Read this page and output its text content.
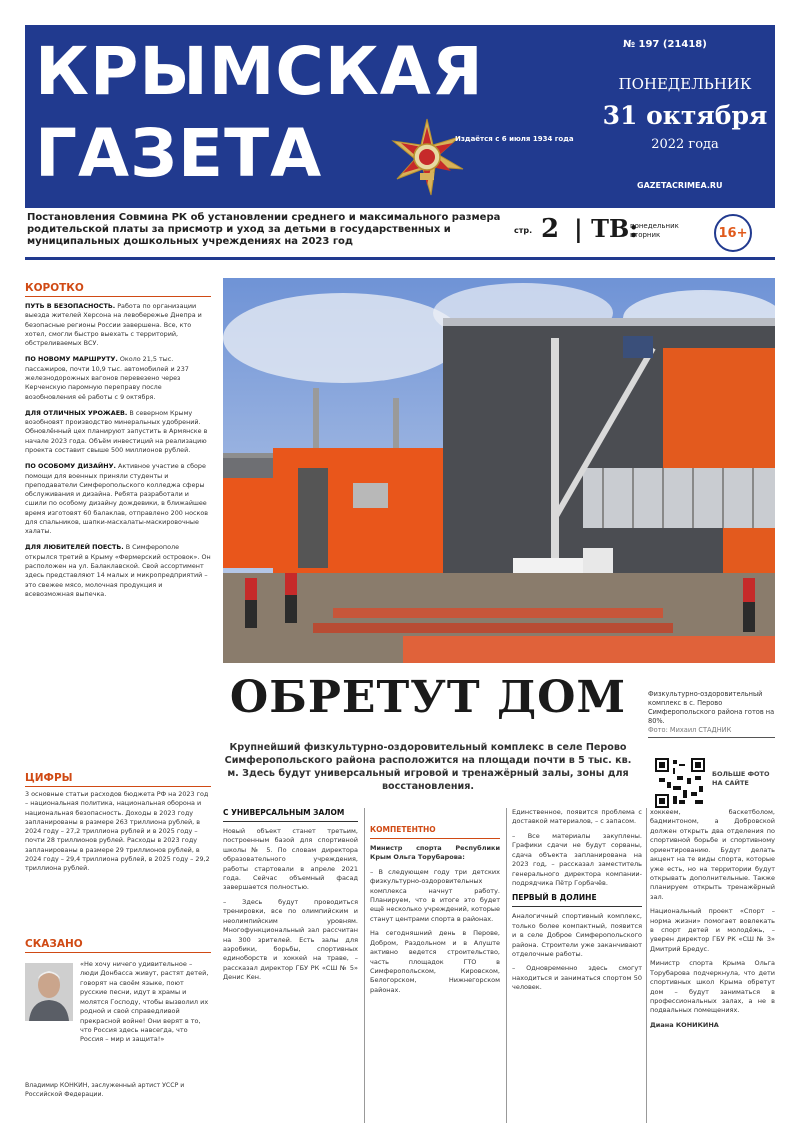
КРЫМСКАЯ
ГАЗЕТА
№ 197 (21418)
Издаётся с 6 июля 1934 года
ПОНЕДЕЛЬНИК
31 октября
2022 года
GAZETACRIMEA.RU
Постановления Совмина РК об установлении среднего и максимального размера родительской платы за присмотр и уход за детьми в государственных и муниципальных дошкольных учреждениях на 2023 год
стр. 2 | ТВ:
понедельник вторник	16+
КОРОТКО

ПУТЬ В БЕЗОПАСНОСТЬ. Работа по организации выезда жителей Херсона на левобережье Днепра и безопасные регионы России завершена. Все, кто хотел, смогли быстро выехать с территорий, обстреливаемых ВСУ.

ПО НОВОМУ МАРШРУТУ. Около 21,5 тыс. пассажиров, почти 10,9 тыс. автомобилей и 237 железнодорожных вагонов перевезено через Керченскую паромную переправу после возобновления её работы с 9 октября.

ДЛЯ ОТЛИЧНЫХ УРОЖАЕВ. В северном Крыму возобновят производство минеральных удобрений. Обновлённый цех планируют запустить в Армянске в начале 2023 года. Объём инвестиций на реализацию проекта составит свыше 500 миллионов рублей.

ПО ОСОБОМУ ДИЗАЙНУ. Активное участие в сборе помощи для военных приняли студенты и преподаватели Симферопольского колледжа сферы обслуживания и дизайна. Ребята разработали и сшили по особому дизайну дождевики, в ближайшее время изготовят 60 балаклав, отправлено 200 носков для спальников, шапки-масхалаты-маскировочные халаты.

ДЛЯ ЛЮБИТЕЛЕЙ ПОЕСТЬ. В Симферополе открылся третий в Крыму «Фермерский островок». Он расположен на ул. Балаклавской. Свой ассортимент здесь представляют 14 малых и микропредприятий – это свежее мясо, молочная продукция и всевозможная выпечка.

ЦИФРЫ
3 основные статьи расходов бюджета РФ на 2023 год – национальная политика, национальная оборона и национальная безопасность. Доходы в 2023 году запланированы в размере 263 триллиона рублей, в 2024 году – 27,2 триллиона рублей и в 2025 году – почти 28 триллионов рублей. Расходы в 2023 году запланированы в размере 29 триллионов рублей, в 2024 году – 29,4 триллиона рублей, в 2025 году – 29,2 триллиона рублей.
СКАЗАНО
«Не хочу ничего удивительное – люди Донбасса живут, растят детей, говорят на своём языке, поют русские песни, идут в храмы и молятся Господу, чтобы вызволил их родной и свой справедливой прекрасной войне! Они верят в то, что Россия здесь навсегда, что Россия – мир и защита!»
Владимир КОНКИН, заслуженный артист УССР и Российской Федерации.
ОБРЕТУТ ДОМ	Физкультурно-оздоровительный комплекс в с. Перово Симферопольского района готов на 80%.
Фото: Михаил СТАДНИК
Крупнейший физкультурно-оздоровительный комплекс в селе Перово Симферопольского района расположится на площади почти в 5 тыс. кв. м. Здесь будут универсальный игровой и тренажёрный залы, зоны для восстановления.
БОЛЬШЕ ФОТО НА САЙТЕ
С УНИВЕРСАЛЬНЫМ ЗАЛОМ

Новый объект станет третьим, построенным базой для спортивной школы № 5. По словам директора образовательного учреждения, работы стартовали в апреле 2021 года. Сейчас объемный фасад завершается полностью.

– Здесь будут проводиться тренировки, все по олимпийским и неолимпийским уровням. Многофункциональный зал рассчитан на 300 зрителей. Есть залы для аэробики, борьбы, спортивных единоборств и хоккей на траве, – рассказал директор ГБУ РК «СШ № 5» Денис Кен.

КОМПЕТЕНТНО

Министр спорта Республики Крым Ольга Торубарова:

– В следующем году три детских физкультурно-оздоровительных комплекса начнут работу. Планируем, что в итоге это будет ещё несколько учреждений, которые станут центрами спорта в районах.

На сегодняшний день в Перове, Добром, Раздольном и в Алуште активно ведется строительство, часть площадок ГТО в Симферопольском, Кировском, Белогорском, Нижнегорском районах.

Единственное, появится проблема с доставкой материалов, – с запасом.

– Все материалы закуплены. Графики сдачи не будут сорваны, сдача объекта запланирована на 2023 год, – рассказал заместитель генерального директора компании-подрядчика Пётр Горбачёв.

ПЕРВЫЙ В ДОЛИНЕ

Аналогичный спортивный комплекс, только более компактный, появится и в селе Доброе Симферопольского района. Строители уже заканчивают отделочные работы.

– Одновременно здесь смогут находиться и заниматься спортом 50 человек.

хоккеем, баскетболом, бадминтоном, а Добровской должен открыть два отделения по спортивной борьбе и спортивному ориентированию. Будут делать акцент на те виды спорта, которые уже есть, но на территории будут открывать дополнительные. Также планируем открыть тренажёрный зал.

Национальный проект «Спорт – норма жизни» помогает вовлекать в спорт детей и молодёжь, – уверен директор ГБУ РК «СШ № 3» Дмитрий Бредус.

Министр спорта Крыма Ольга Торубарова подчеркнула, что дети спортивных школ Крыма обретут дом – будут заниматься в профессиональных залах, а не в подвальных помещениях.

Диана КОНИКИНА
